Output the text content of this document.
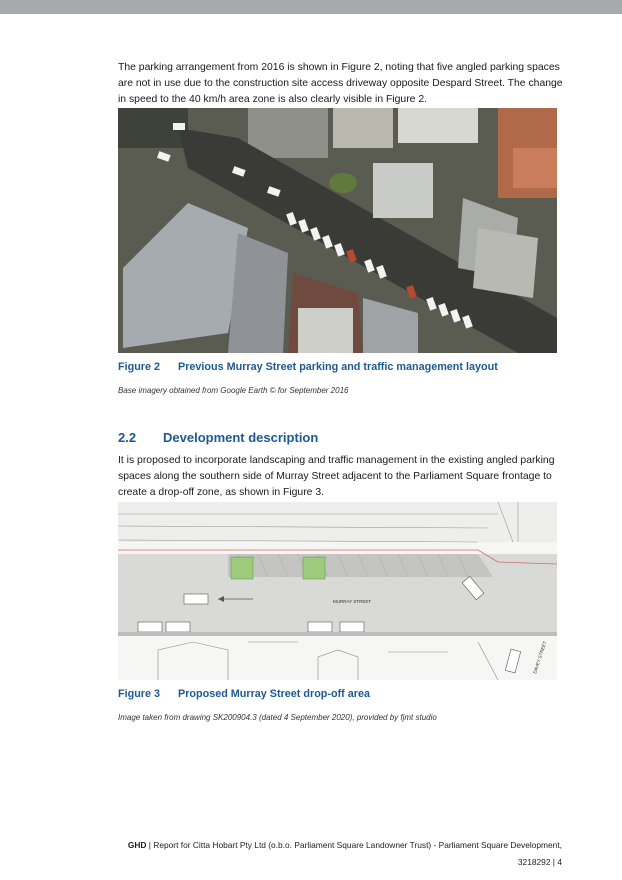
The parking arrangement from 2016 is shown in Figure 2, noting that five angled parking spaces are not in use due to the construction site access driveway opposite Despard Street. The change in speed to the 40 km/h area zone is also clearly visible in Figure 2.

Figure 2 Previous Murray Street parking and traffic management layout

Base imagery obtained from Google Earth © for September 2016

2.2 Development description

It is proposed to incorporate landscaping and traffic management in the existing angled parking spaces along the southern side of Murray Street adjacent to the Parliament Square frontage to create a drop-off zone, as shown in Figure 3.

MURRAY STREET
DAVEY STREET

Figure 3 Proposed Murray Street drop-off area

Image taken from drawing SK200904.3 (dated 4 September 2020), provided by fjmt studio

GHD | Report for Citta Hobart Pty Ltd (o.b.o. Parliament Square Landowner Trust) - Parliament Square Development,
3218292 | 4
